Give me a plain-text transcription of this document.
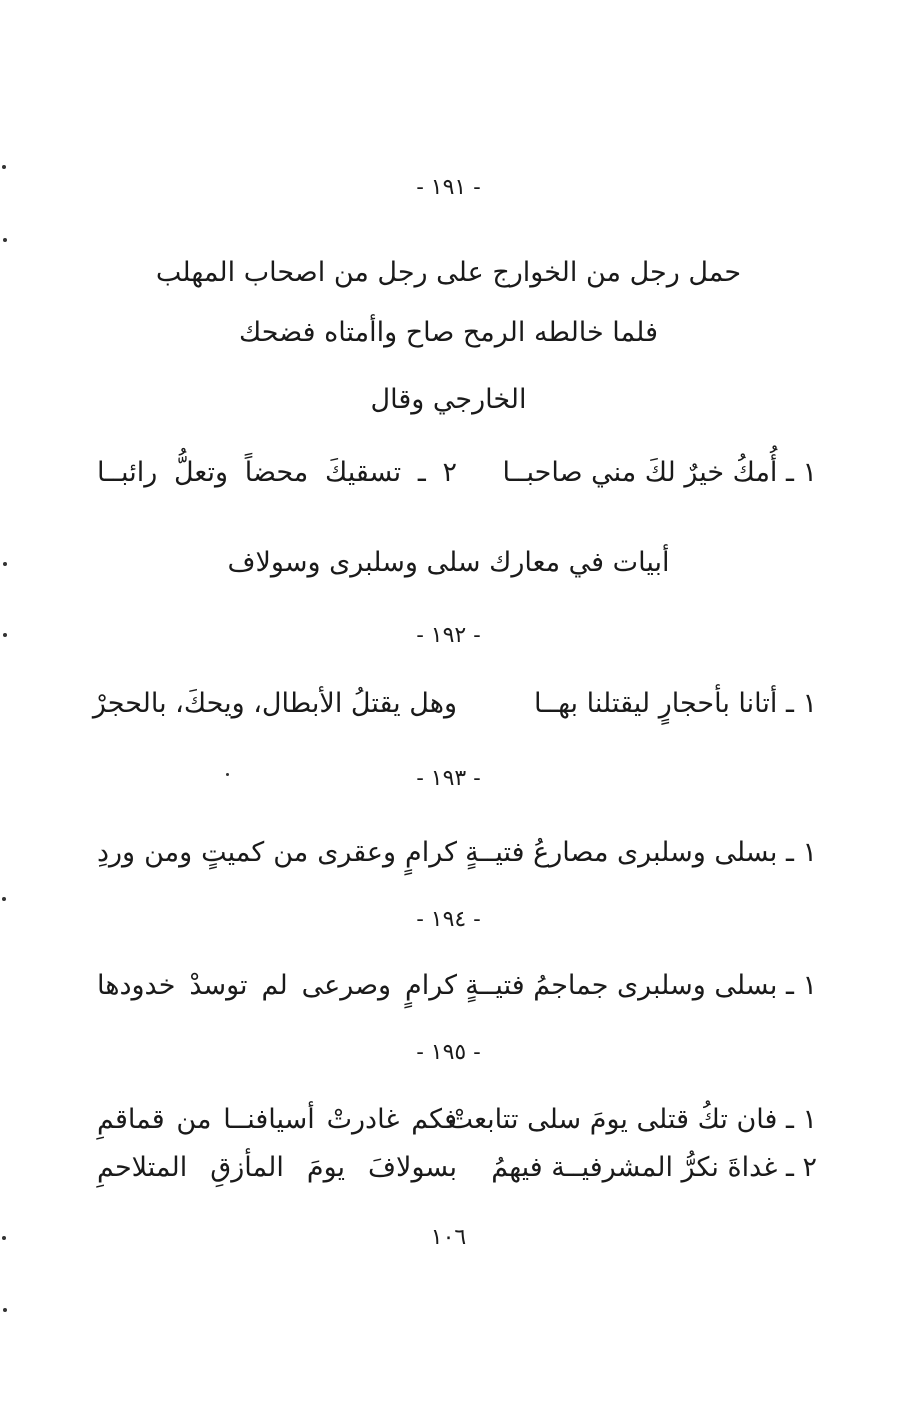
- ١٩١ -
حمل رجل من الخوارج على رجل من اصحاب المهلب
فلما خالطه الرمح صاح واأمتاه فضحك
الخارجي وقال
١ ـ أُمكُ خيرٌ لكَ مني صاحبــا
٢ ـ تسقيكَ محضاً وتعلُّ رائبــا
أبيات في معارك سلى وسلبرى وسولاف
- ١٩٢ -
١ ـ أتانا بأحجارٍ ليقتلنا بهــا
وهل يقتلُ الأبطال، ويحكَ، بالحجرْ
- ١٩٣ -
١ ـ بسلى وسلبرى مصارعُ فتيــةٍ
كرامٍ وعقرى من كميتٍ ومن وردِ
- ١٩٤ -
١ ـ بسلى وسلبرى جماجمُ فتيــةٍ
كرامٍ وصرعى لم توسدْ خدودها
- ١٩٥ -
١ ـ فان تكُ قتلى يومَ سلى تتابعتْ
فكم غادرتْ أسيافنــا من قماقمِ
٢ ـ غداةَ نكرُّ المشرفيــة فيهمُ
بسولافَ يومَ المأزقِ المتلاحمِ
١٠٦
